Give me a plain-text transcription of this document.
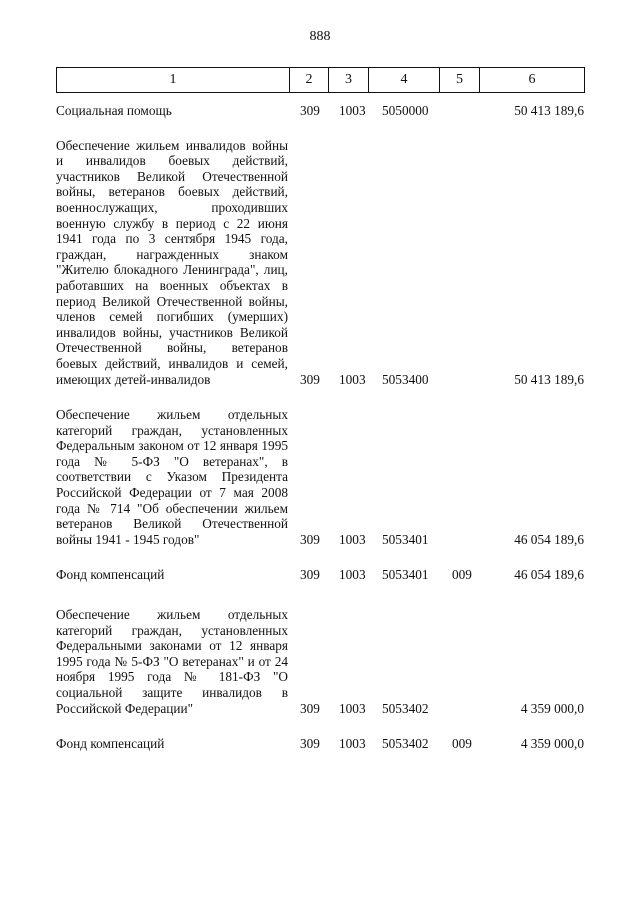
888
1	2	3	4	5	6
Социальная помощь	309 1003 5050000	50 413 189,6
Обеспечение жильем инвалидов войны и инвалидов боевых действий, участников Великой Отечественной войны, ветеранов боевых действий, военнослужащих, проходивших военную службу в период с 22 июня 1941 года по 3 сентября 1945 года, граждан, награжденных знаком "Жителю блокадного Ленинграда", лиц, работавших на военных объектах в период Великой Отечественной войны, членов семей погибших (умерших) инвалидов войны, участников Великой Отечественной войны, ветеранов боевых действий, инвалидов и семей, имеющих детей-инвалидов	309 1003 5053400	50 413 189,6
Обеспечение жильем отдельных категорий граждан, установленных Федеральным законом от 12 января 1995 года № 5-ФЗ "О ветеранах", в соответствии с Указом Президента Российской Федерации от 7 мая 2008 года № 714 "Об обеспечении жильем ветеранов Великой Отечественной войны 1941 - 1945 годов"	309 1003 5053401	46 054 189,6
Фонд компенсаций	309 1003 5053401 009	46 054 189,6
Обеспечение жильем отдельных категорий граждан, установленных Федеральными законами от 12 января 1995 года № 5-ФЗ "О ветеранах" и от 24 ноября 1995 года № 181-ФЗ "О социальной защите инвалидов в Российской Федерации"	309 1003 5053402	4 359 000,0
Фонд компенсаций	309 1003 5053402 009	4 359 000,0
